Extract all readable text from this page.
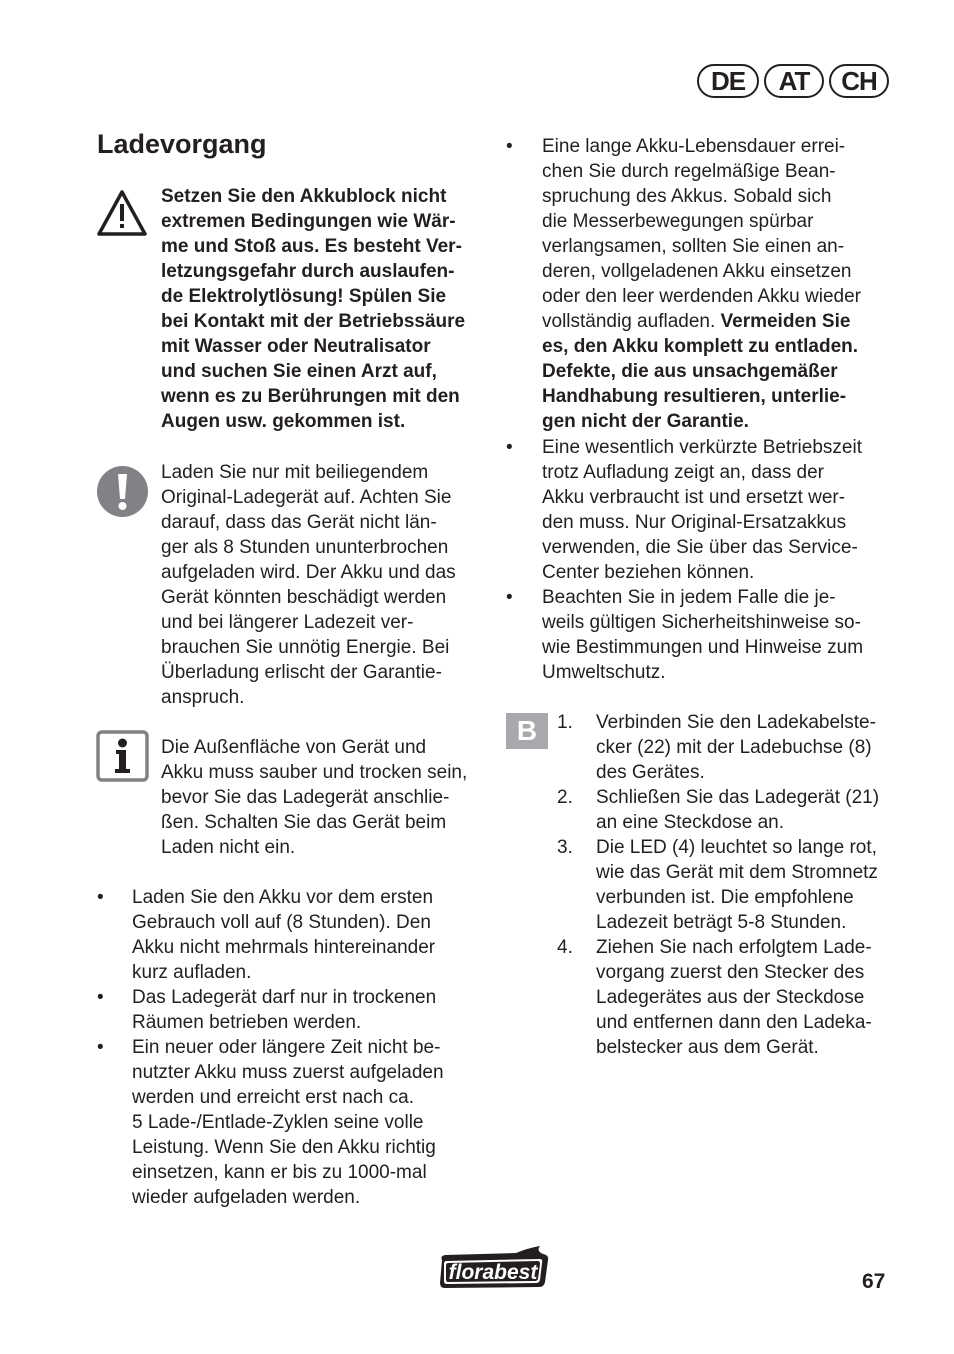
DE	AT	CH
Ladevorgang
Setzen Sie den Akkublock nicht
extremen Bedingungen wie Wär-
me und Stoß aus. Es besteht Ver-
letzungsgefahr durch auslaufen-
de Elektrolytlösung! Spülen Sie
bei Kontakt mit der Betriebssäure
mit Wasser oder Neutralisator
und suchen Sie einen Arzt auf,
wenn es zu Berührungen mit den
Augen usw. gekommen ist.
Laden Sie nur mit beiliegendem
Original-Ladegerät auf. Achten Sie
darauf, dass das Gerät nicht län-
ger als 8 Stunden ununterbrochen
aufgeladen wird. Der Akku und das
Gerät könnten beschädigt werden
und bei längerer Ladezeit ver-
brauchen Sie unnötig Energie. Bei
Überladung erlischt der Garantie-
anspruch.
Die Außenfläche von Gerät und
Akku muss sauber und trocken sein,
bevor Sie das Ladegerät anschlie-
ßen. Schalten Sie das Gerät beim
Laden nicht ein.
• Laden Sie den Akku vor dem ersten
Gebrauch voll auf (8 Stunden). Den
Akku nicht mehrmals hintereinander
kurz aufladen.
• Das Ladegerät darf nur in trockenen
Räumen betrieben werden.
• Ein neuer oder längere Zeit nicht be-
nutzter Akku muss zuerst aufgeladen
werden und erreicht erst nach ca.
5 Lade-/Entlade-Zyklen seine volle
Leistung. Wenn Sie den Akku richtig
einsetzen, kann er bis zu 1000-mal
wieder aufgeladen werden.
• Eine lange Akku-Lebensdauer errei-
chen Sie durch regelmäßige Bean-
spruchung des Akkus. Sobald sich
die Messerbewegungen spürbar
verlangsamen, sollten Sie einen an-
deren, vollgeladenen Akku einsetzen
oder den leer werdenden Akku wieder
vollständig aufladen. Vermeiden Sie
es, den Akku komplett zu entladen.
Defekte, die aus unsachgemäßer
Handhabung resultieren, unterlie-
gen nicht der Garantie.
• Eine wesentlich verkürzte Betriebszeit
trotz Aufladung zeigt an, dass der
Akku verbraucht ist und ersetzt wer-
den muss. Nur Original-Ersatzakkus
verwenden, die Sie über das Service-
Center beziehen können.
• Beachten Sie in jedem Falle die je-
weils gültigen Sicherheitshinweise so-
wie Bestimmungen und Hinweise zum
Umweltschutz.
B	1. Verbinden Sie den Ladekabelste-
cker (22) mit der Ladebuchse (8)
des Gerätes.
2. Schließen Sie das Ladegerät (21)
an eine Steckdose an.
3. Die LED (4) leuchtet so lange rot,
wie das Gerät mit dem Stromnetz
verbunden ist. Die empfohlene
Ladezeit beträgt 5-8 Stunden.
4. Ziehen Sie nach erfolgtem Lade-
vorgang zuerst den Stecker des
Ladegerätes aus der Steckdose
und entfernen dann den Ladeka-
belstecker aus dem Gerät.
florabest	67
